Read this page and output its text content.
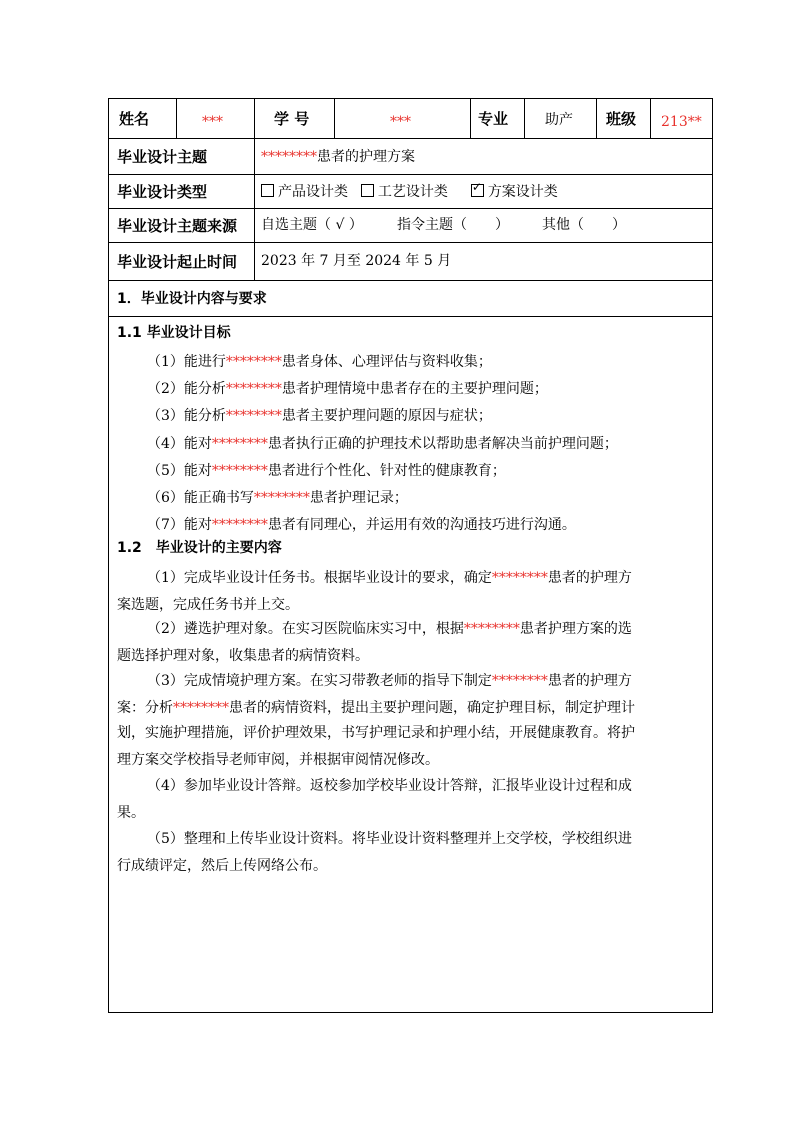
姓名	***	学 号	***	专业	助产 班级 213**
毕业设计主题	********患者的护理方案
毕业设计类型	产品设计类 工艺设计类  ✓	方案设计类
毕业设计主题来源 自选主题（ √ ） 指令主题（　　） 其他（　　）
毕业设计起止时间 2023 年 7 月至 2024 年 5 月
1．毕业设计内容与要求
1.1 毕业设计目标
（1）能进行********患者身体、心理评估与资料收集；
（2）能分析********患者护理情境中患者存在的主要护理问题；
（3）能分析********患者主要护理问题的原因与症状；
（4）能对********患者执行正确的护理技术以帮助患者解决当前护理问题；
（5）能对********患者进行个性化、针对性的健康教育；
（6）能正确书写********患者护理记录；
（7）能对********患者有同理心，并运用有效的沟通技巧进行沟通。
1.2　毕业设计的主要内容
（1）完成毕业设计任务书。根据毕业设计的要求，确定********患者的护理方
案选题，完成任务书并上交。
（2）遴选护理对象。在实习医院临床实习中，根据********患者护理方案的选
题选择护理对象，收集患者的病情资料。
（3）完成情境护理方案。在实习带教老师的指导下制定********患者的护理方
案：分析********患者的病情资料，提出主要护理问题，确定护理目标，制定护理计
划，实施护理措施，评价护理效果，书写护理记录和护理小结，开展健康教育。将护
理方案交学校指导老师审阅，并根据审阅情况修改。
（4）参加毕业设计答辩。返校参加学校毕业设计答辩，汇报毕业设计过程和成
果。
（5）整理和上传毕业设计资料。将毕业设计资料整理并上交学校，学校组织进
行成绩评定，然后上传网络公布。
